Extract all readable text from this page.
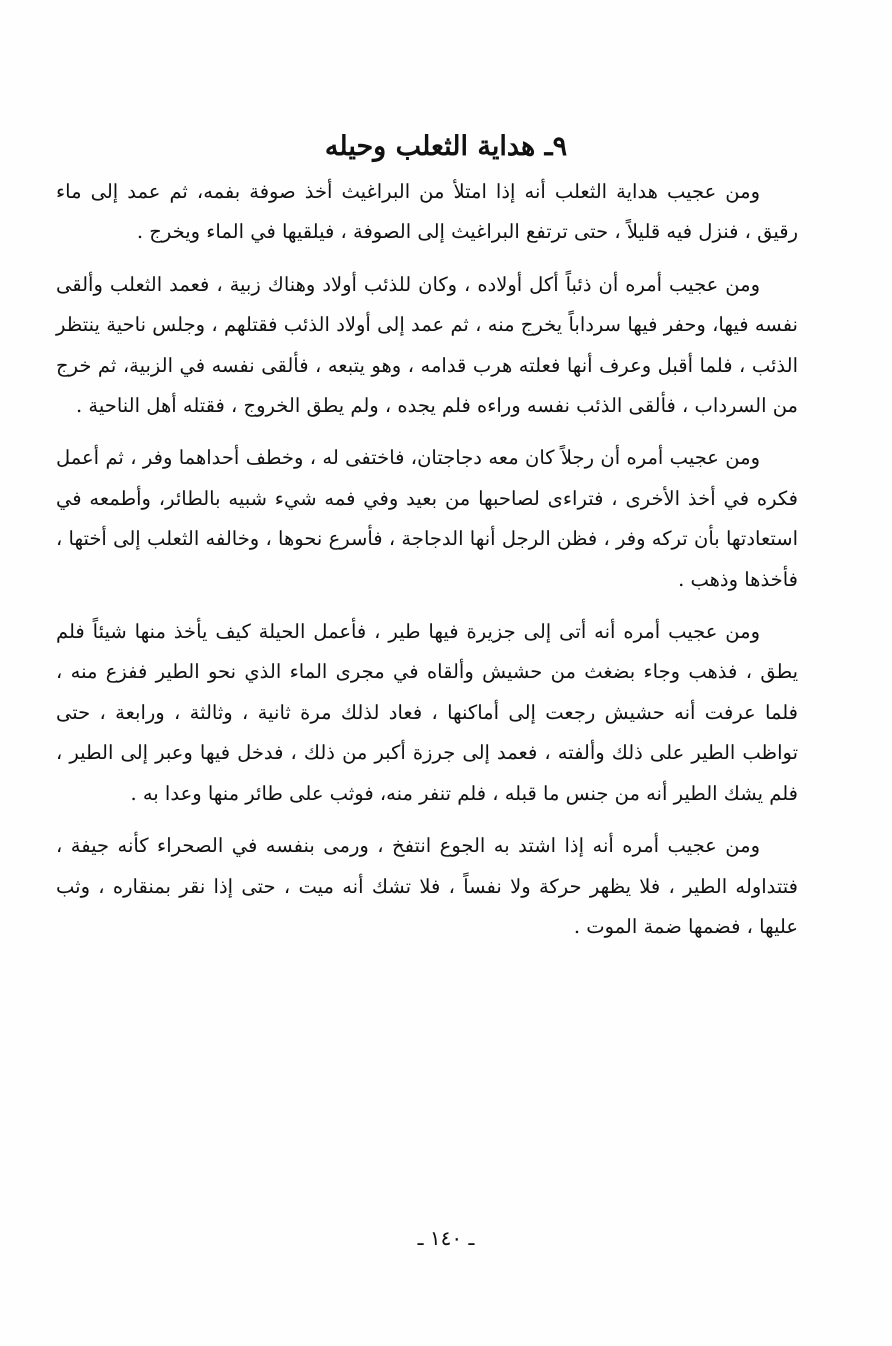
٩ـ هداية الثعلب وحيله

ومن عجيب هداية الثعلب أنه إذا امتلأ من البراغيث أخذ صوفة بفمه، ثم عمد إلى ماء رقيق ، فنزل فيه قليلاً ، حتى ترتفع البراغيث إلى الصوفة ، فيلقيها في الماء ويخرج .

ومن عجيب أمره أن ذئباً أكل أولاده ، وكان للذئب أولاد وهناك زبية ، فعمد الثعلب وألقى نفسه فيها، وحفر فيها سرداباً يخرج منه ، ثم عمد إلى أولاد الذئب فقتلهم ، وجلس ناحية ينتظر الذئب ، فلما أقبل وعرف أنها فعلته هرب قدامه ، وهو يتبعه ، فألقى نفسه في الزبية، ثم خرج من السرداب ، فألقى الذئب نفسه وراءه فلم يجده ، ولم يطق الخروج ، فقتله أهل الناحية .

ومن عجيب أمره أن رجلاً كان معه دجاجتان، فاختفى له ، وخطف أحداهما وفر ، ثم أعمل فكره في أخذ الأخرى ، فتراءى لصاحبها من بعيد وفي فمه شيء شبيه بالطائر، وأطمعه في استعادتها بأن تركه وفر ، فظن الرجل أنها الدجاجة ، فأسرع نحوها ، وخالفه الثعلب إلى أختها ، فأخذها وذهب .

ومن عجيب أمره أنه أتى إلى جزيرة فيها طير ، فأعمل الحيلة كيف يأخذ منها شيئاً فلم يطق ، فذهب وجاء بضغث من حشيش وألقاه في مجرى الماء الذي نحو الطير ففزع منه ، فلما عرفت أنه حشيش رجعت إلى أماكنها ، فعاد لذلك مرة ثانية ، وثالثة ، ورابعة ، حتى تواظب الطير على ذلك وألفته ، فعمد إلى جرزة أكبر من ذلك ، فدخل فيها وعبر إلى الطير ، فلم يشك الطير أنه من جنس ما قبله ، فلم تنفر منه، فوثب على طائر منها وعدا به .

ومن عجيب أمره أنه إذا اشتد به الجوع انتفخ ، ورمى بنفسه في الصحراء كأنه جيفة ، فتتداوله الطير ، فلا يظهر حركة ولا نفساً ، فلا تشك أنه ميت ، حتى إذا نقر بمنقاره ، وثب عليها ، فضمها ضمة الموت .

ـ ١٤٠ ـ
